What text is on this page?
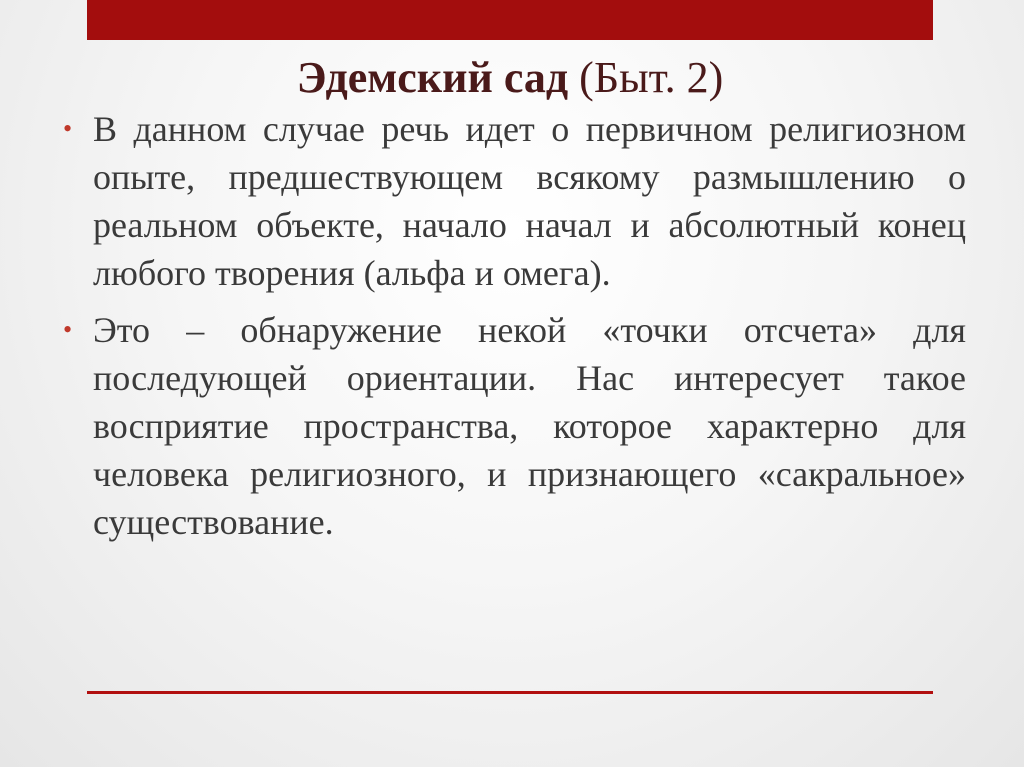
Эдемский сад (Быт. 2)
• В данном случае речь идет о первичном религиозном опыте, предшествующем всякому размышлению о реальном объекте, начало начал и абсолютный конец любого творения (альфа и омега).
• Это – обнаружение некой «точки отсчета» для последующей ориентации. Нас интересует такое восприятие пространства, которое характерно для человека религиозного, и признающего «сакральное» существование.
